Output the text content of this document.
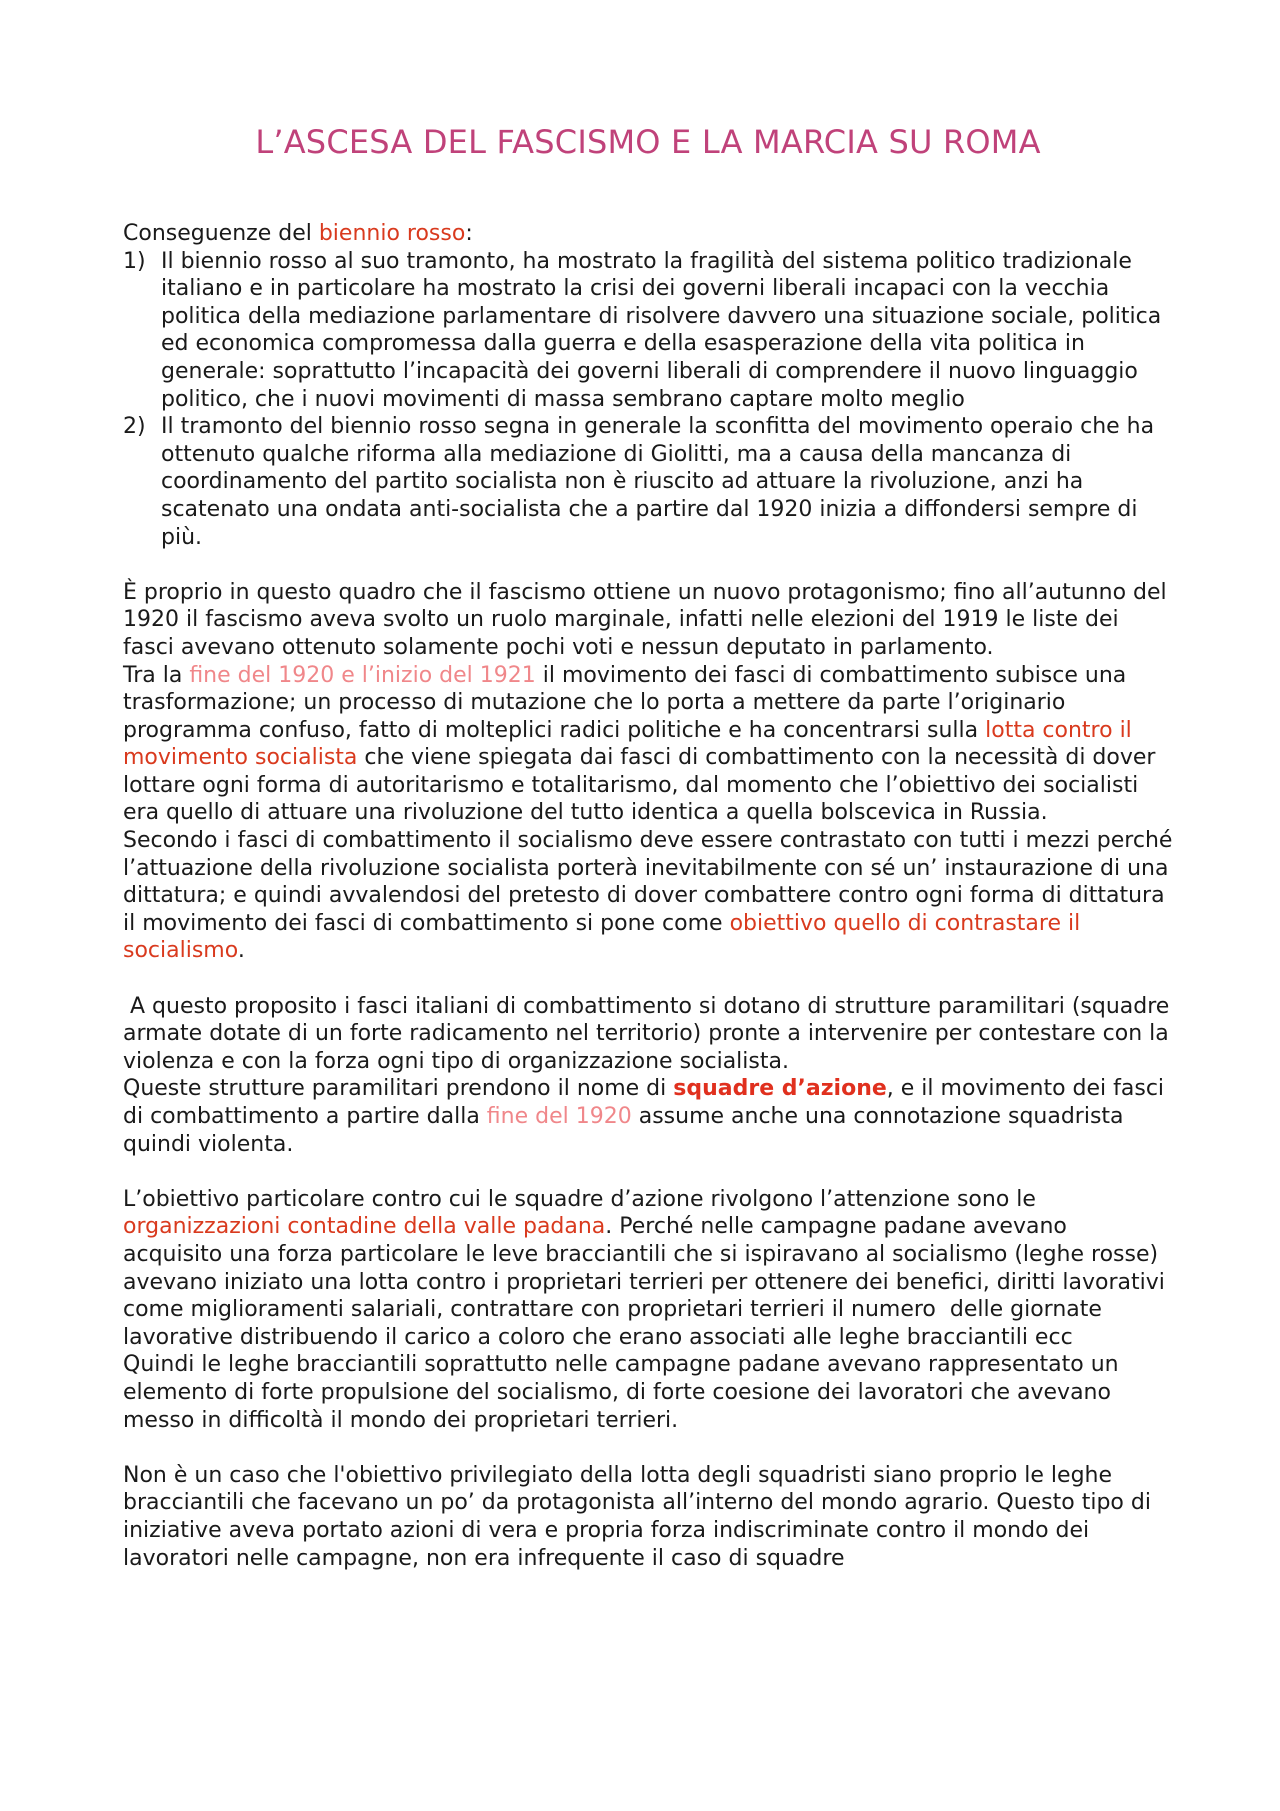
L’ASCESA DEL FASCISMO E LA MARCIA SU ROMA
Conseguenze del biennio rosso:
1) Il biennio rosso al suo tramonto, ha mostrato la fragilità del sistema politico tradizionale italiano e in particolare ha mostrato la crisi dei governi liberali incapaci con la vecchia politica della mediazione parlamentare di risolvere davvero una situazione sociale, politica ed economica compromessa dalla guerra e della esasperazione della vita politica in generale: soprattutto l’incapacità dei governi liberali di comprendere il nuovo linguaggio politico, che i nuovi movimenti di massa sembrano captare molto meglio
2) Il tramonto del biennio rosso segna in generale la sconfitta del movimento operaio che ha ottenuto qualche riforma alla mediazione di Giolitti, ma a causa della mancanza di coordinamento del partito socialista non è riuscito ad attuare la rivoluzione, anzi ha scatenato una ondata anti-socialista che a partire dal 1920 inizia a diffondersi sempre di più.

È proprio in questo quadro che il fascismo ottiene un nuovo protagonismo; fino all’autunno del 1920 il fascismo aveva svolto un ruolo marginale, infatti nelle elezioni del 1919 le liste dei fasci avevano ottenuto solamente pochi voti e nessun deputato in parlamento.

Tra la fine del 1920 e l’inizio del 1921 il movimento dei fasci di combattimento subisce una trasformazione; un processo di mutazione che lo porta a mettere da parte l’originario programma confuso, fatto di molteplici radici politiche e ha concentrarsi sulla lotta contro il movimento socialista che viene spiegata dai fasci di combattimento con la necessità di dover lottare ogni forma di autoritarismo e totalitarismo, dal momento che l’obiettivo dei socialisti era quello di attuare una rivoluzione del tutto identica a quella bolscevica in Russia.

Secondo i fasci di combattimento il socialismo deve essere contrastato con tutti i mezzi perché l’attuazione della rivoluzione socialista porterà inevitabilmente con sé un’ instaurazione di una dittatura; e quindi avvalendosi del pretesto di dover combattere contro ogni forma di dittatura il movimento dei fasci di combattimento si pone come obiettivo quello di contrastare il socialismo.

A questo proposito i fasci italiani di combattimento si dotano di strutture paramilitari (squadre armate dotate di un forte radicamento nel territorio) pronte a intervenire per contestare con la violenza e con la forza ogni tipo di organizzazione socialista.

Queste strutture paramilitari prendono il nome di squadre d’azione, e il movimento dei fasci di combattimento a partire dalla fine del 1920 assume anche una connotazione squadrista quindi violenta.

L’obiettivo particolare contro cui le squadre d’azione rivolgono l’attenzione sono le organizzazioni contadine della valle padana. Perché nelle campagne padane avevano acquisito una forza particolare le leve bracciantili che si ispiravano al socialismo (leghe rosse) avevano iniziato una lotta contro i proprietari terrieri per ottenere dei benefici, diritti lavorativi come miglioramenti salariali, contrattare con proprietari terrieri il numero  delle giornate  lavorative distribuendo il carico a coloro che erano associati alle leghe bracciantili ecc

Quindi le leghe bracciantili soprattutto nelle campagne padane avevano rappresentato un elemento di forte propulsione del socialismo, di forte coesione dei lavoratori che avevano messo in difficoltà il mondo dei proprietari terrieri.

Non è un caso che l'obiettivo privilegiato della lotta degli squadristi siano proprio le leghe bracciantili che facevano un po’ da protagonista all’interno del mondo agrario. Questo tipo di iniziative aveva portato azioni di vera e propria forza indiscriminate contro il mondo dei lavoratori nelle campagne, non era infrequente il caso di squadre
